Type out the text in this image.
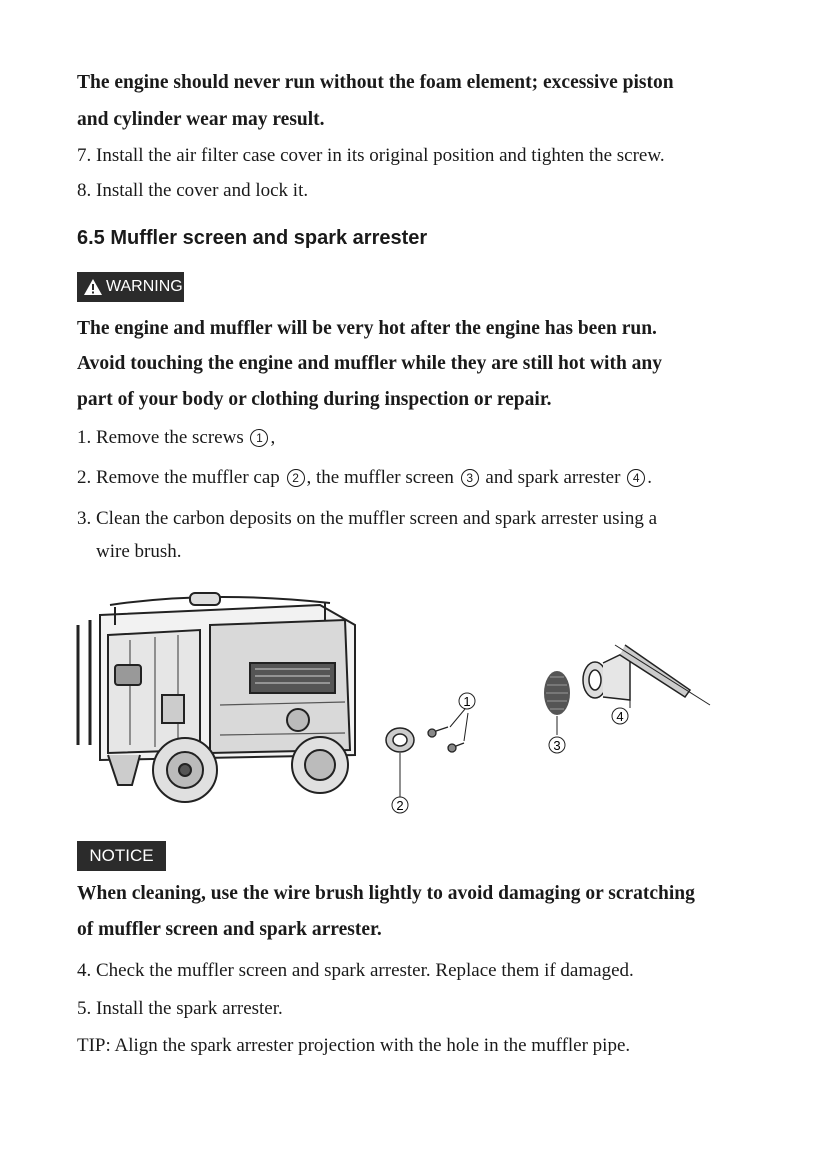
The engine should never run without the foam element; excessive piston

and cylinder wear may result.

7. Install the air filter case cover in its original position and tighten the screw.

8. Install the cover and lock it.

6.5 Muffler screen and spark arrester
WARNING

The engine and muffler will be very hot after the engine has been run.

Avoid touching the engine and muffler while they are still hot with any

part of your body or clothing during inspection or repair.

1. Remove the screws 1 ,

2. Remove the muffler cap 2 , the muffler screen 3 and spark arrester 4 .

3. Clean the carbon deposits on the muffler screen and spark arrester using a

wire brush.

1
2
3
4
NOTICE

When cleaning, use the wire brush lightly to avoid damaging or scratching

of muffler screen and spark arrester.

4. Check the muffler screen and spark arrester. Replace them if damaged.

5. Install the spark arrester.

TIP: Align the spark arrester projection with the hole in the muffler pipe.
